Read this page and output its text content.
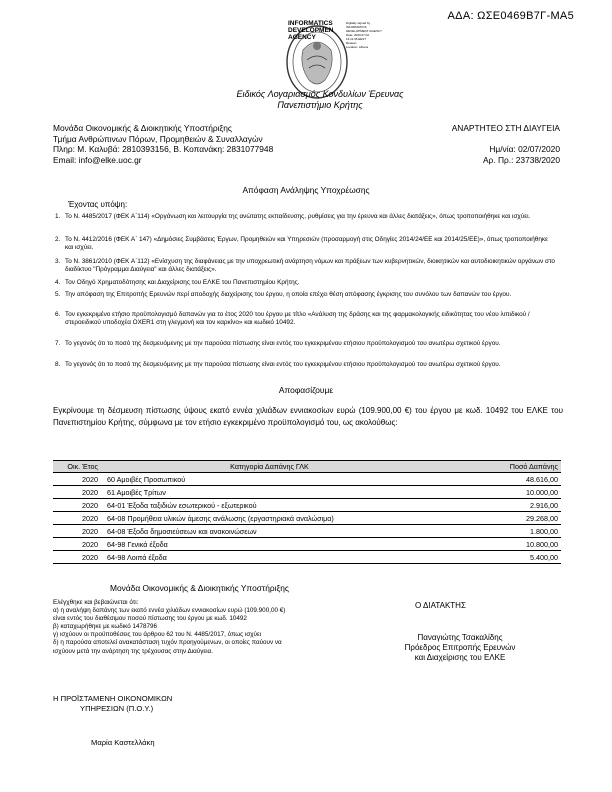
ΑΔΑ: ΩΣΕ0469Β7Γ-ΜΑ5
INFORMATICS
DEVELOPMEN
AGENCY
Digitally signed by
INFORMATICS
DEVELOPMENT AGENCY
Date: 2020.07.02
13:11:35 EEST
Reason:
Location: Athens
Ειδικός Λογαριασμός Κονδυλίων Έρευνας
Πανεπιστήμιο Κρήτης
Μονάδα Οικονομικής & Διοικητικής Υποστήριξης
Τμήμα Ανθρώπινων Πόρων, Προμηθειών & Συναλλαγών
Πληρ: Μ. Καλυβά: 2810393156, Β. Κοπανάκη: 2831077948
Email: info@elke.uoc.gr
ΑΝΑΡΤΗΤΕΟ ΣΤΗ ΔΙΑΥΓΕΙΑ
Ημ/νία: 02/07/2020
Αρ. Πρ.: 23738/2020
Απόφαση Ανάληψης Υποχρέωσης
Έχοντας υπόψη:
1. Το Ν. 4485/2017 (ΦΕΚ Α΄114) «Οργάνωση και λειτουργία της ανώτατης εκπαίδευσης, ρυθμίσεις για την έρευνα και άλλες διατάξεις», όπως τροποποιήθηκε και ισχύει.
2. Το Ν. 4412/2016 (ΦΕΚ Α΄ 147) «Δημόσιες Συμβάσεις Έργων, Προμηθειών και Υπηρεσιών (προσαρμογή στις Οδηγίες 2014/24/ΕΕ και 2014/25/ΕΕ)», όπως τροποποιήθηκε και ισχύει.
3. Το Ν. 3861/2010 (ΦΕΚ Α΄112) «Ενίσχυση της διαφάνειας με την υποχρεωτική ανάρτηση νόμων και πράξεων των κυβερνητικών, διοικητικών και αυτοδιοικητικών οργάνων στο διαδίκτυο "Πρόγραμμα Διαύγεια" και άλλες διατάξεις».
4. Τον Οδηγό Χρηματοδότησης και Διαχείρισης του ΕΛΚΕ του Πανεπιστημίου Κρήτης.
5. Την απόφαση της Επιτροπής Ερευνών περί αποδοχής διαχείρισης του έργου, η οποία επέχει θέση απόφασης έγκρισης του συνόλου των δαπανών του έργου.
6. Τον εγκεκριμένο ετήσιο προϋπολογισμό δαπανών για το έτος 2020 του έργου με τίτλο «Ανάλυση της δράσης και της φαρμακολογικής ειδικότητας του νέου λιπιδικού / στεροειδικού υποδοχέα OXER1 στη γλεγμονή και τον καρκίνο» και κωδικό 10492.
7. Το γεγονός ότι το ποσό της δεσμευόμενης με την παρούσα πίστωσης είναι εντός του εγκεκριμένου ετήσιου προϋπολογισμού του ανωτέρω σχετικού έργου.
8. Το γεγονός ότι το ποσό της δεσμευόμενης με την παρούσα πίστωσης είναι εντός του εγκεκριμένου ετήσιου προϋπολογισμού του ανωτέρω σχετικού έργου.
Αποφασίζουμε
Εγκρίνουμε τη δέσμευση πίστωσης ύψους εκατό εννέα χιλιάδων εννιακοσίων ευρώ (109.900,00 €) του έργου με κωδ. 10492 του ΕΛΚΕ του Πανεπιστημίου Κρήτης, σύμφωνα με τον ετήσιο εγκεκριμένο προϋπολογισμό του, ως ακολούθως:
Οικ. Έτος	Κατηγορία Δαπάνης ΓΛΚ	Ποσό Δαπάνης
2020	60 Αμοιβές Προσωπικού	48.616,00
2020	61 Αμοιβές Τρίτων	10.000,00
2020	64-01 Έξοδα ταξιδιών εσωτερικού - εξωτερικού	2.916,00
2020	64-08 Προμήθεια υλικών άμεσης ανάλωσης (εργαστηριακά αναλώσιμα)	29.268,00
2020	64-08 Έξοδα δημοσιεύσεων και ανακοινώσεων	1.800,00
2020	64-98 Γενικά έξοδα	10.800,00
2020	64-98 Λοιπά έξοδα	5.400,00
Μονάδα Οικονομικής & Διοικητικής Υποστήριξης
Ελέγχθηκε και βεβαιώνεται ότι:
α) η αναλήψη δαπάνης των εκατό εννέα χιλιάδων εννιακοσίων ευρώ (109.900,00 €)
είναι εντός του διαθέσιμου ποσού πίστωσης του έργου με κωδ. 10492
β) καταχωρήθηκε με κωδικό 1478796
γ) ισχύουν οι προϋποθέσεις του άρθρου 62 του Ν. 4485/2017, όπως ισχύει
δ) η παρούσα αποτελεί ανακατάσταση τυχόν προηγούμενων, οι οποίες παύουν να
ισχύουν μετά την ανάρτηση της τρέχουσας στην Διαύγεια.
Ο ΔΙΑΤΑΚΤΗΣ
Παναγιώτης Τσακαλίδης
Πρόεδρος Επιτροπής Ερευνών
και Διαχείρισης του ΕΛΚΕ
Η ΠΡΟΪΣΤΑΜΕΝΗ ΟΙΚΟΝΟΜΙΚΩΝ
ΥΠΗΡΕΣΙΩΝ (Π.Ο.Υ.)
Μαρία Καστελλάκη
